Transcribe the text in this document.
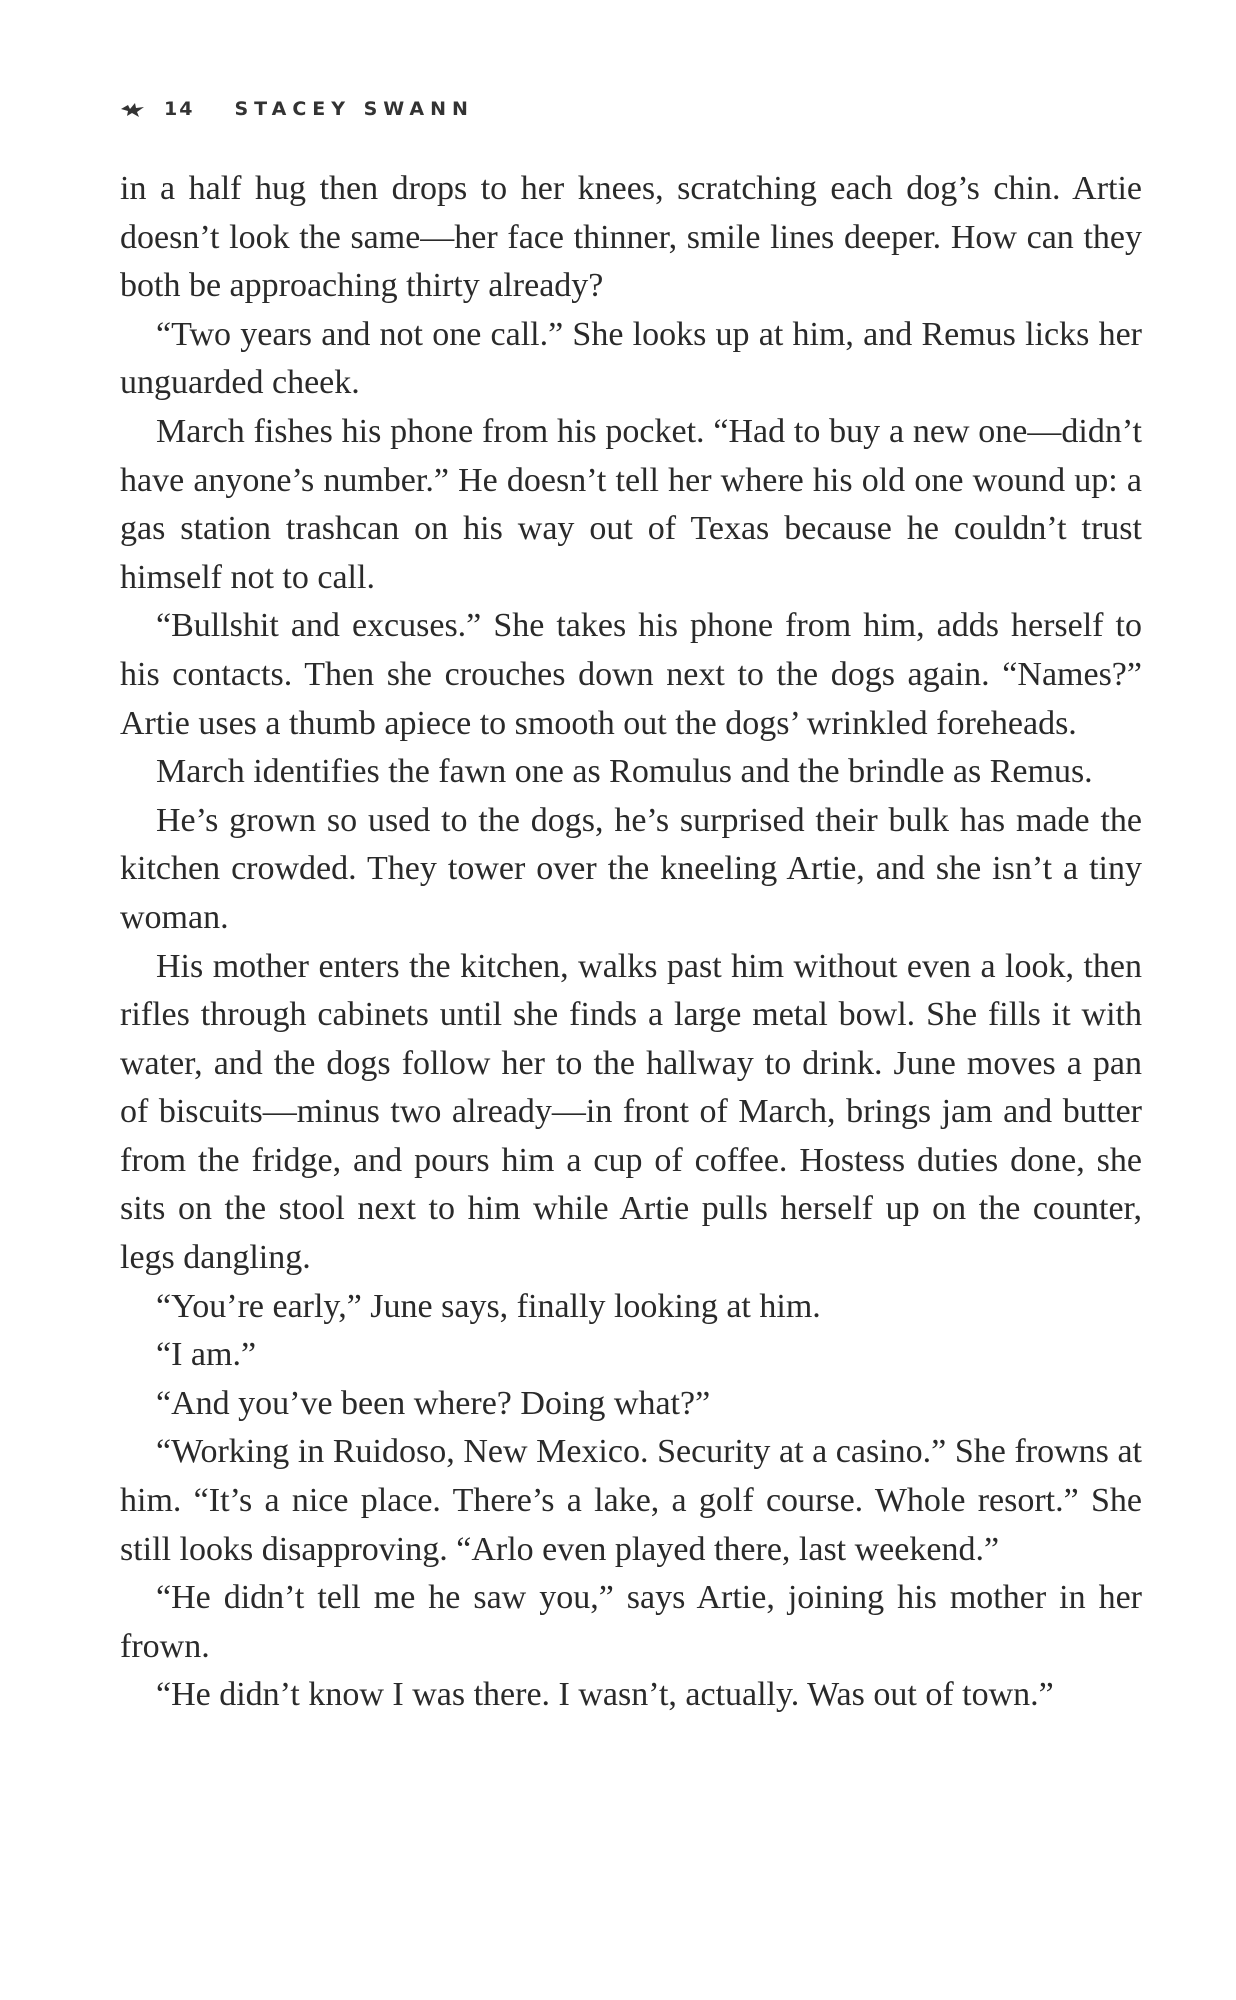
14 STACEY SWANN

in a half hug then drops to her knees, scratching each dog’s chin. Artie doesn’t look the same—her face thinner, smile lines deeper. How can they both be approaching thirty already?

“Two years and not one call.” She looks up at him, and Remus licks her unguarded cheek.

March fishes his phone from his pocket. “Had to buy a new one—didn’t have anyone’s number.” He doesn’t tell her where his old one wound up: a gas station trashcan on his way out of Texas because he couldn’t trust himself not to call.

“Bullshit and excuses.” She takes his phone from him, adds herself to his contacts. Then she crouches down next to the dogs again. “Names?” Artie uses a thumb apiece to smooth out the dogs’ wrinkled foreheads.

March identifies the fawn one as Romulus and the brindle as Remus.

He’s grown so used to the dogs, he’s surprised their bulk has made the kitchen crowded. They tower over the kneeling Artie, and she isn’t a tiny woman.

His mother enters the kitchen, walks past him without even a look, then rifles through cabinets until she finds a large metal bowl. She fills it with water, and the dogs follow her to the hallway to drink. June moves a pan of biscuits—minus two already—in front of March, brings jam and butter from the fridge, and pours him a cup of coffee. Hostess duties done, she sits on the stool next to him while Artie pulls herself up on the counter, legs dangling.

“You’re early,” June says, finally looking at him.

“I am.”

“And you’ve been where? Doing what?”

“Working in Ruidoso, New Mexico. Security at a casino.” She frowns at him. “It’s a nice place. There’s a lake, a golf course. Whole resort.” She still looks disapproving. “Arlo even played there, last weekend.”

“He didn’t tell me he saw you,” says Artie, joining his mother in her frown.

“He didn’t know I was there. I wasn’t, actually. Was out of town.”
